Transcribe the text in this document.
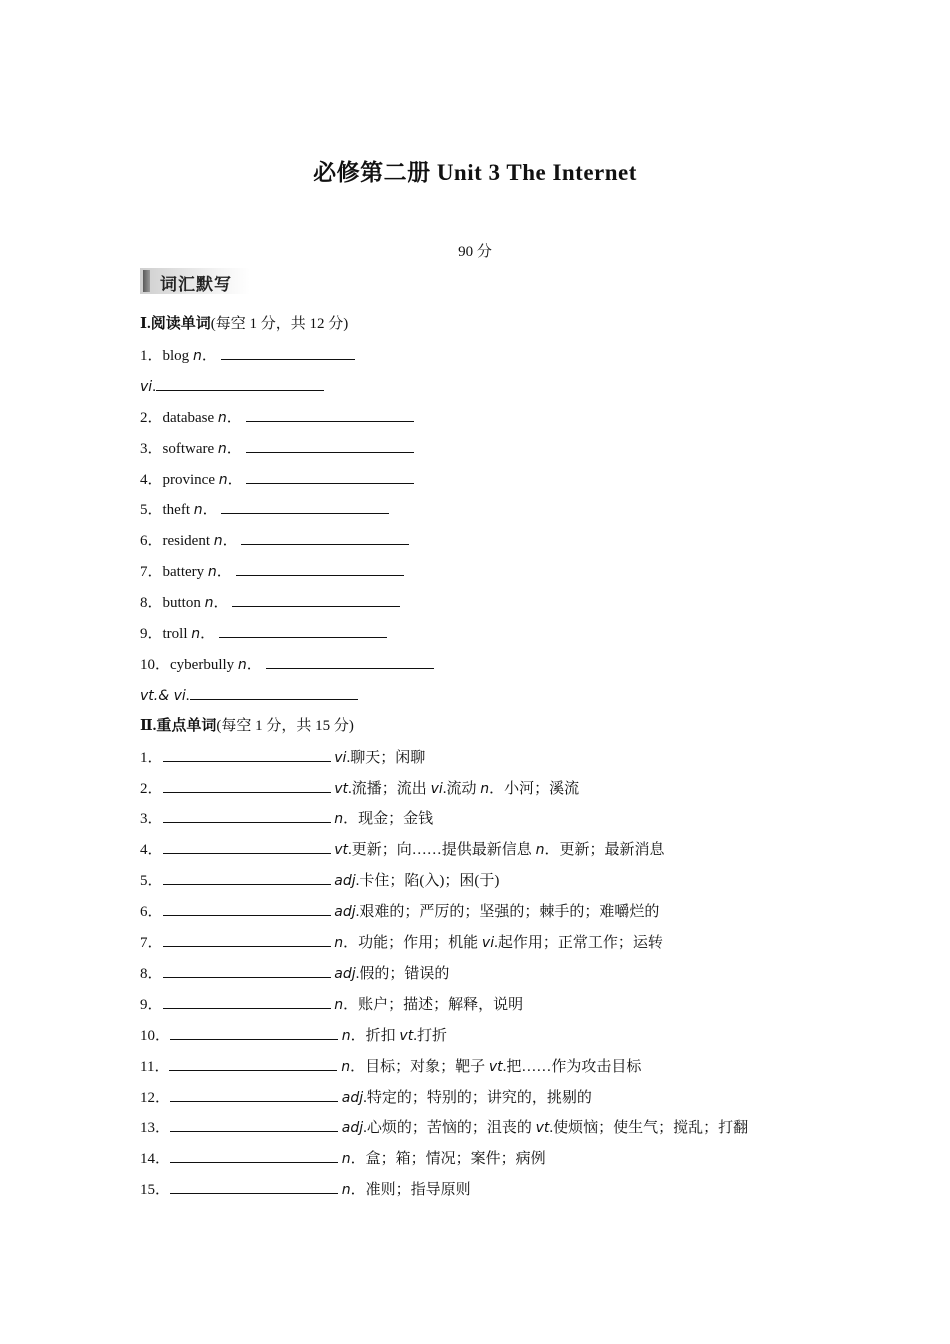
必修第二册 Unit 3 The Internet
90 分
词汇默写
Ⅰ.阅读单词(每空 1 分，共 12 分)
1．blog n．
vi.
2．database n．
3．software n．
4．province n．
5．theft n．
6．resident n．
7．battery n．
8．button n．
9．troll n．
10．cyberbully n．
vt.& vi.
Ⅱ.重点单词(每空 1 分，共 15 分)
1．	vi.聊天；闲聊
2．	vt.流播；流出 vi.流动 n．小河；溪流
3．	n．现金；金钱
4．	vt.更新；向……提供最新信息 n．更新；最新消息
5．	adj.卡住；陷(入)；困(于)
6．	adj.艰难的；严厉的；坚强的；棘手的；难嚼烂的
7．	n．功能；作用；机能 vi.起作用；正常工作；运转
8．	adj.假的；错误的
9．	n．账户；描述；解释，说明
10．	n．折扣 vt.打折
11．	n．目标；对象；靶子 vt.把……作为攻击目标
12．	adj.特定的；特别的；讲究的，挑剔的
13．	adj.心烦的；苦恼的；沮丧的 vt.使烦恼；使生气；搅乱；打翻
14．	n．盒；箱；情况；案件；病例
15．	n．准则；指导原则
